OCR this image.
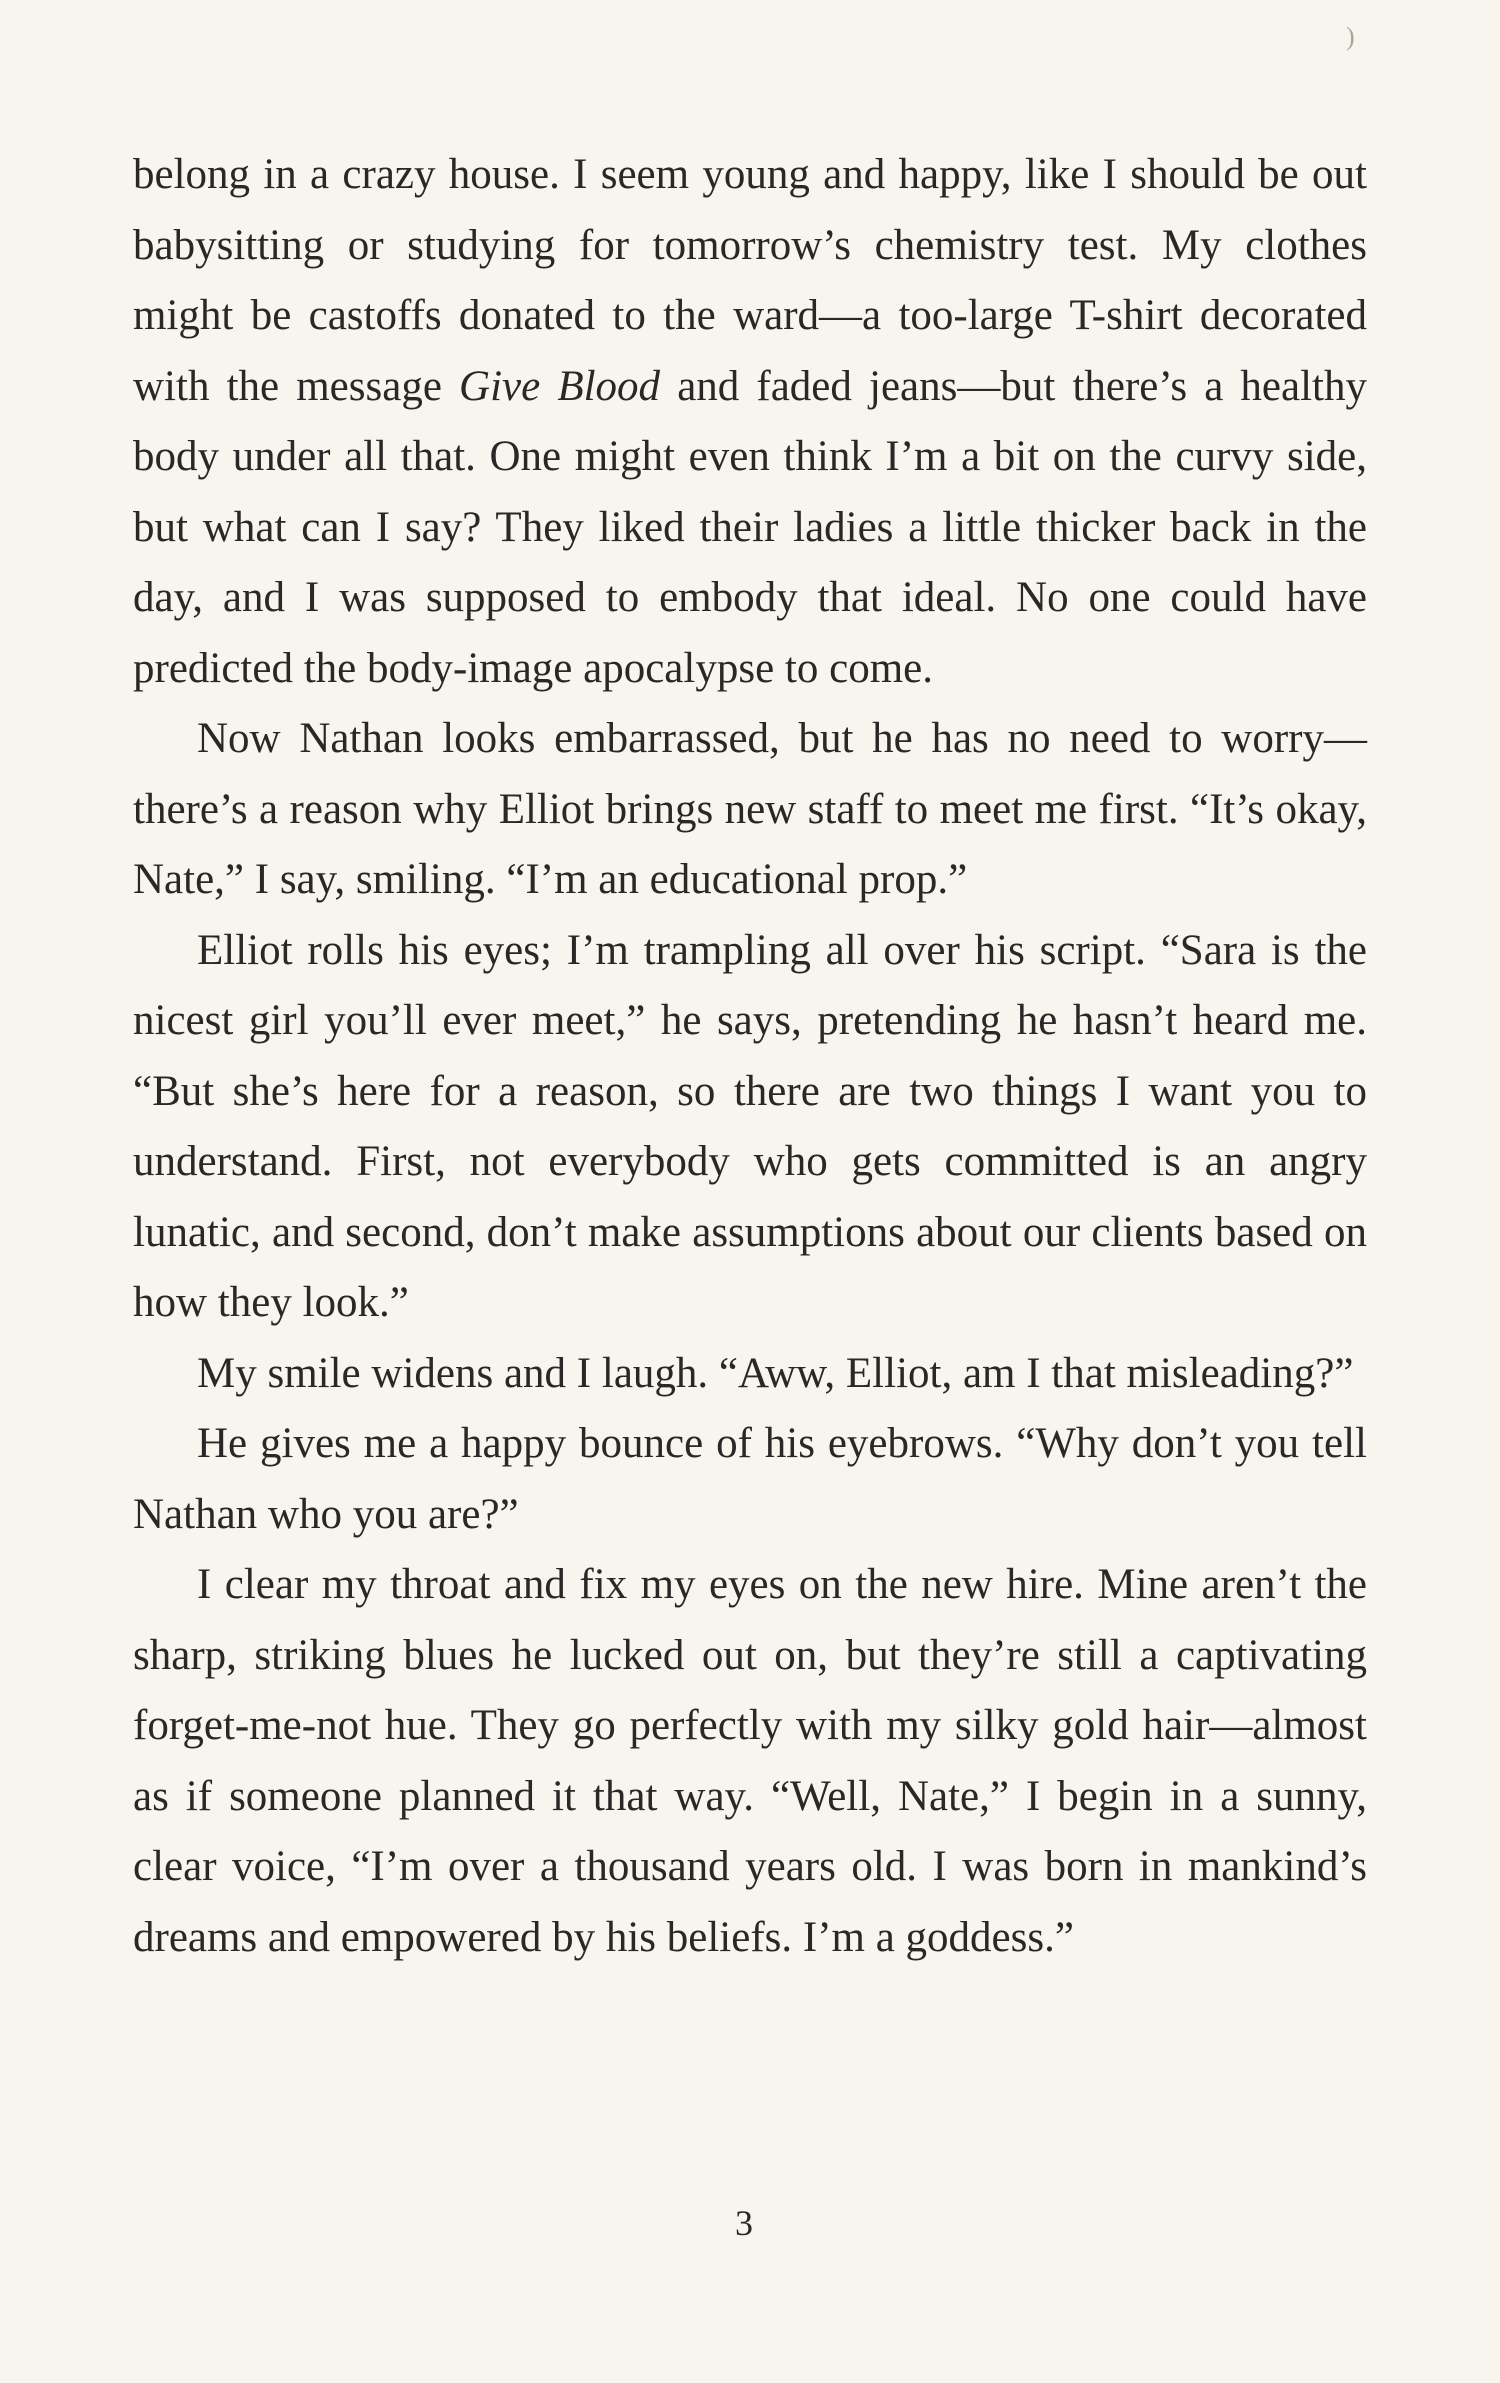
)

belong in a crazy house. I seem young and happy, like I should be out babysitting or studying for tomorrow’s chemistry test. My clothes might be castoffs donated to the ward—a too-large T-shirt decorated with the message Give Blood and faded jeans—but there’s a healthy body under all that. One might even think I’m a bit on the curvy side, but what can I say? They liked their ladies a little thicker back in the day, and I was supposed to embody that ideal. No one could have predicted the body-image apocalypse to come.

Now Nathan looks embarrassed, but he has no need to worry—there’s a reason why Elliot brings new staff to meet me first. “It’s okay, Nate,” I say, smiling. “I’m an educational prop.”

Elliot rolls his eyes; I’m trampling all over his script. “Sara is the nicest girl you’ll ever meet,” he says, pretending he hasn’t heard me. “But she’s here for a reason, so there are two things I want you to understand. First, not everybody who gets committed is an angry lunatic, and second, don’t make assumptions about our clients based on how they look.”

My smile widens and I laugh. “Aww, Elliot, am I that misleading?”

He gives me a happy bounce of his eyebrows. “Why don’t you tell Nathan who you are?”

I clear my throat and fix my eyes on the new hire. Mine aren’t the sharp, striking blues he lucked out on, but they’re still a captivating forget-me-not hue. They go perfectly with my silky gold hair—almost as if someone planned it that way. “Well, Nate,” I begin in a sunny, clear voice, “I’m over a thousand years old. I was born in mankind’s dreams and empowered by his beliefs. I’m a goddess.”

3
